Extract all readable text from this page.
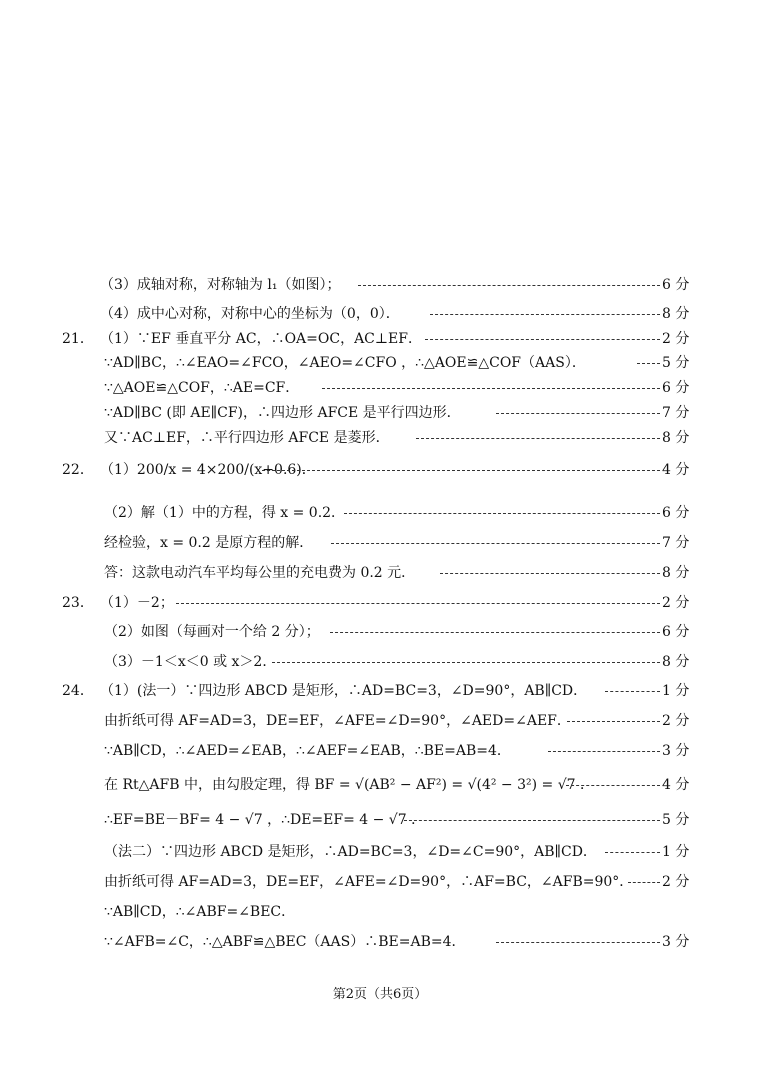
（3）成轴对称，对称轴为 l₁（如图）；	6 分
（4）成中心对称，对称中心的坐标为（0，0）．	8 分
21． （1）∵EF 垂直平分 AC，∴OA=OC，AC⊥EF．	2 分
∵AD∥BC，∴∠EAO=∠FCO，∠AEO=∠CFO ，∴△AOE≌△COF（AAS）．	5 分
∵△AOE≌△COF，∴AE=CF．	6 分
∵AD∥BC (即 AE∥CF)，∴四边形 AFCE 是平行四边形．	7 分
又∵AC⊥EF，∴平行四边形 AFCE 是菱形．	8 分
22． （1）200/x = 4×200/(x+0.6)．	4 分
（2）解（1）中的方程，得 x = 0.2．	6 分
经检验，x = 0.2 是原方程的解．	7 分
答：这款电动汽车平均每公里的充电费为 0.2 元．	8 分
23． （1）－2；	2 分
（2）如图（每画对一个给 2 分）；	6 分
（3）－1＜x＜0 或 x＞2．	8 分
24． （1）(法一）∵四边形 ABCD 是矩形，∴AD=BC=3，∠D=90°，AB∥CD．	1 分
由折纸可得 AF=AD=3，DE=EF，∠AFE=∠D=90°，∠AED=∠AEF．	2 分
∵AB∥CD，∴∠AED=∠EAB，∴∠AEF=∠EAB，∴BE=AB=4．	3 分
在 Rt△AFB 中，由勾股定理，得 BF = √(AB² − AF²) = √(4² − 3²) = √7 ．	4 分
∴EF=BE－BF= 4 − √7 ，∴DE=EF= 4 − √7 ．	5 分
（法二）∵四边形 ABCD 是矩形，∴AD=BC=3，∠D=∠C=90°，AB∥CD．	1 分
由折纸可得 AF=AD=3，DE=EF，∠AFE=∠D=90°，∴AF=BC，∠AFB=90°． 2 分
∵AB∥CD，∴∠ABF=∠BEC．
∵∠AFB=∠C，∴△ABF≌△BEC（AAS）∴BE=AB=4．	3 分
第2页（共6页）
